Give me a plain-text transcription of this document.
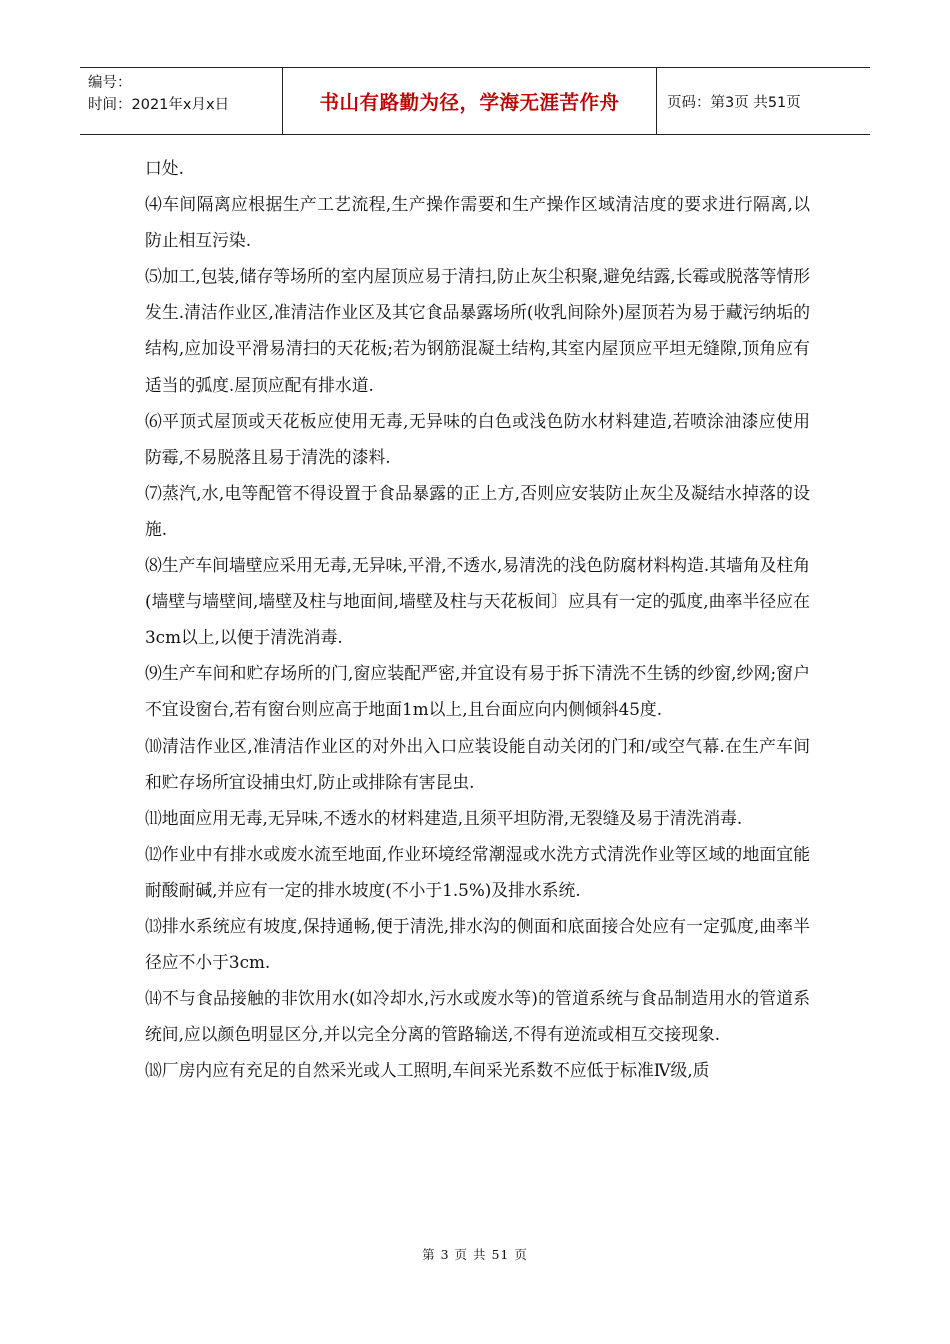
编号：
时间：2021年x月x日	书山有路勤为径，学海无涯苦作舟	页码：第3页 共51页

口处.

⑷车间隔离应根据生产工艺流程,生产操作需要和生产操作区域清洁度的要求进行隔离,以防止相互污染.

⑸加工,包装,储存等场所的室内屋顶应易于清扫,防止灰尘积聚,避免结露,长霉或脱落等情形发生.清洁作业区,准清洁作业区及其它食品暴露场所(收乳间除外)屋顶若为易于藏污纳垢的结构,应加设平滑易清扫的天花板;若为钢筋混凝土结构,其室内屋顶应平坦无缝隙,顶角应有适当的弧度.屋顶应配有排水道.

⑹平顶式屋顶或天花板应使用无毒,无异味的白色或浅色防水材料建造,若喷涂油漆应使用防霉,不易脱落且易于清洗的漆料.

⑺蒸汽,水,电等配管不得设置于食品暴露的正上方,否则应安装防止灰尘及凝结水掉落的设施.

⑻生产车间墙壁应采用无毒,无异味,平滑,不透水,易清洗的浅色防腐材料构造.其墙角及柱角(墙壁与墙壁间,墙壁及柱与地面间,墙壁及柱与天花板间〕应具有一定的弧度,曲率半径应在3cm以上,以便于清洗消毒.

⑼生产车间和贮存场所的门,窗应装配严密,并宜设有易于拆下清洗不生锈的纱窗,纱网;窗户不宜设窗台,若有窗台则应高于地面1m以上,且台面应向内侧倾斜45度.

⑽清洁作业区,准清洁作业区的对外出入口应装设能自动关闭的门和/或空气幕.在生产车间和贮存场所宜设捕虫灯,防止或排除有害昆虫.

⑾地面应用无毒,无异味,不透水的材料建造,且须平坦防滑,无裂缝及易于清洗消毒.

⑿作业中有排水或废水流至地面,作业环境经常潮湿或水洗方式清洗作业等区域的地面宜能耐酸耐碱,并应有一定的排水坡度(不小于1.5%)及排水系统.

⒀排水系统应有坡度,保持通畅,便于清洗,排水沟的侧面和底面接合处应有一定弧度,曲率半径应不小于3cm.

⒁不与食品接触的非饮用水(如冷却水,污水或废水等)的管道系统与食品制造用水的管道系统间,应以颜色明显区分,并以完全分离的管路输送,不得有逆流或相互交接现象.

⒅厂房内应有充足的自然采光或人工照明,车间采光系数不应低于标准Ⅳ级,质

第 3 页 共 51 页
